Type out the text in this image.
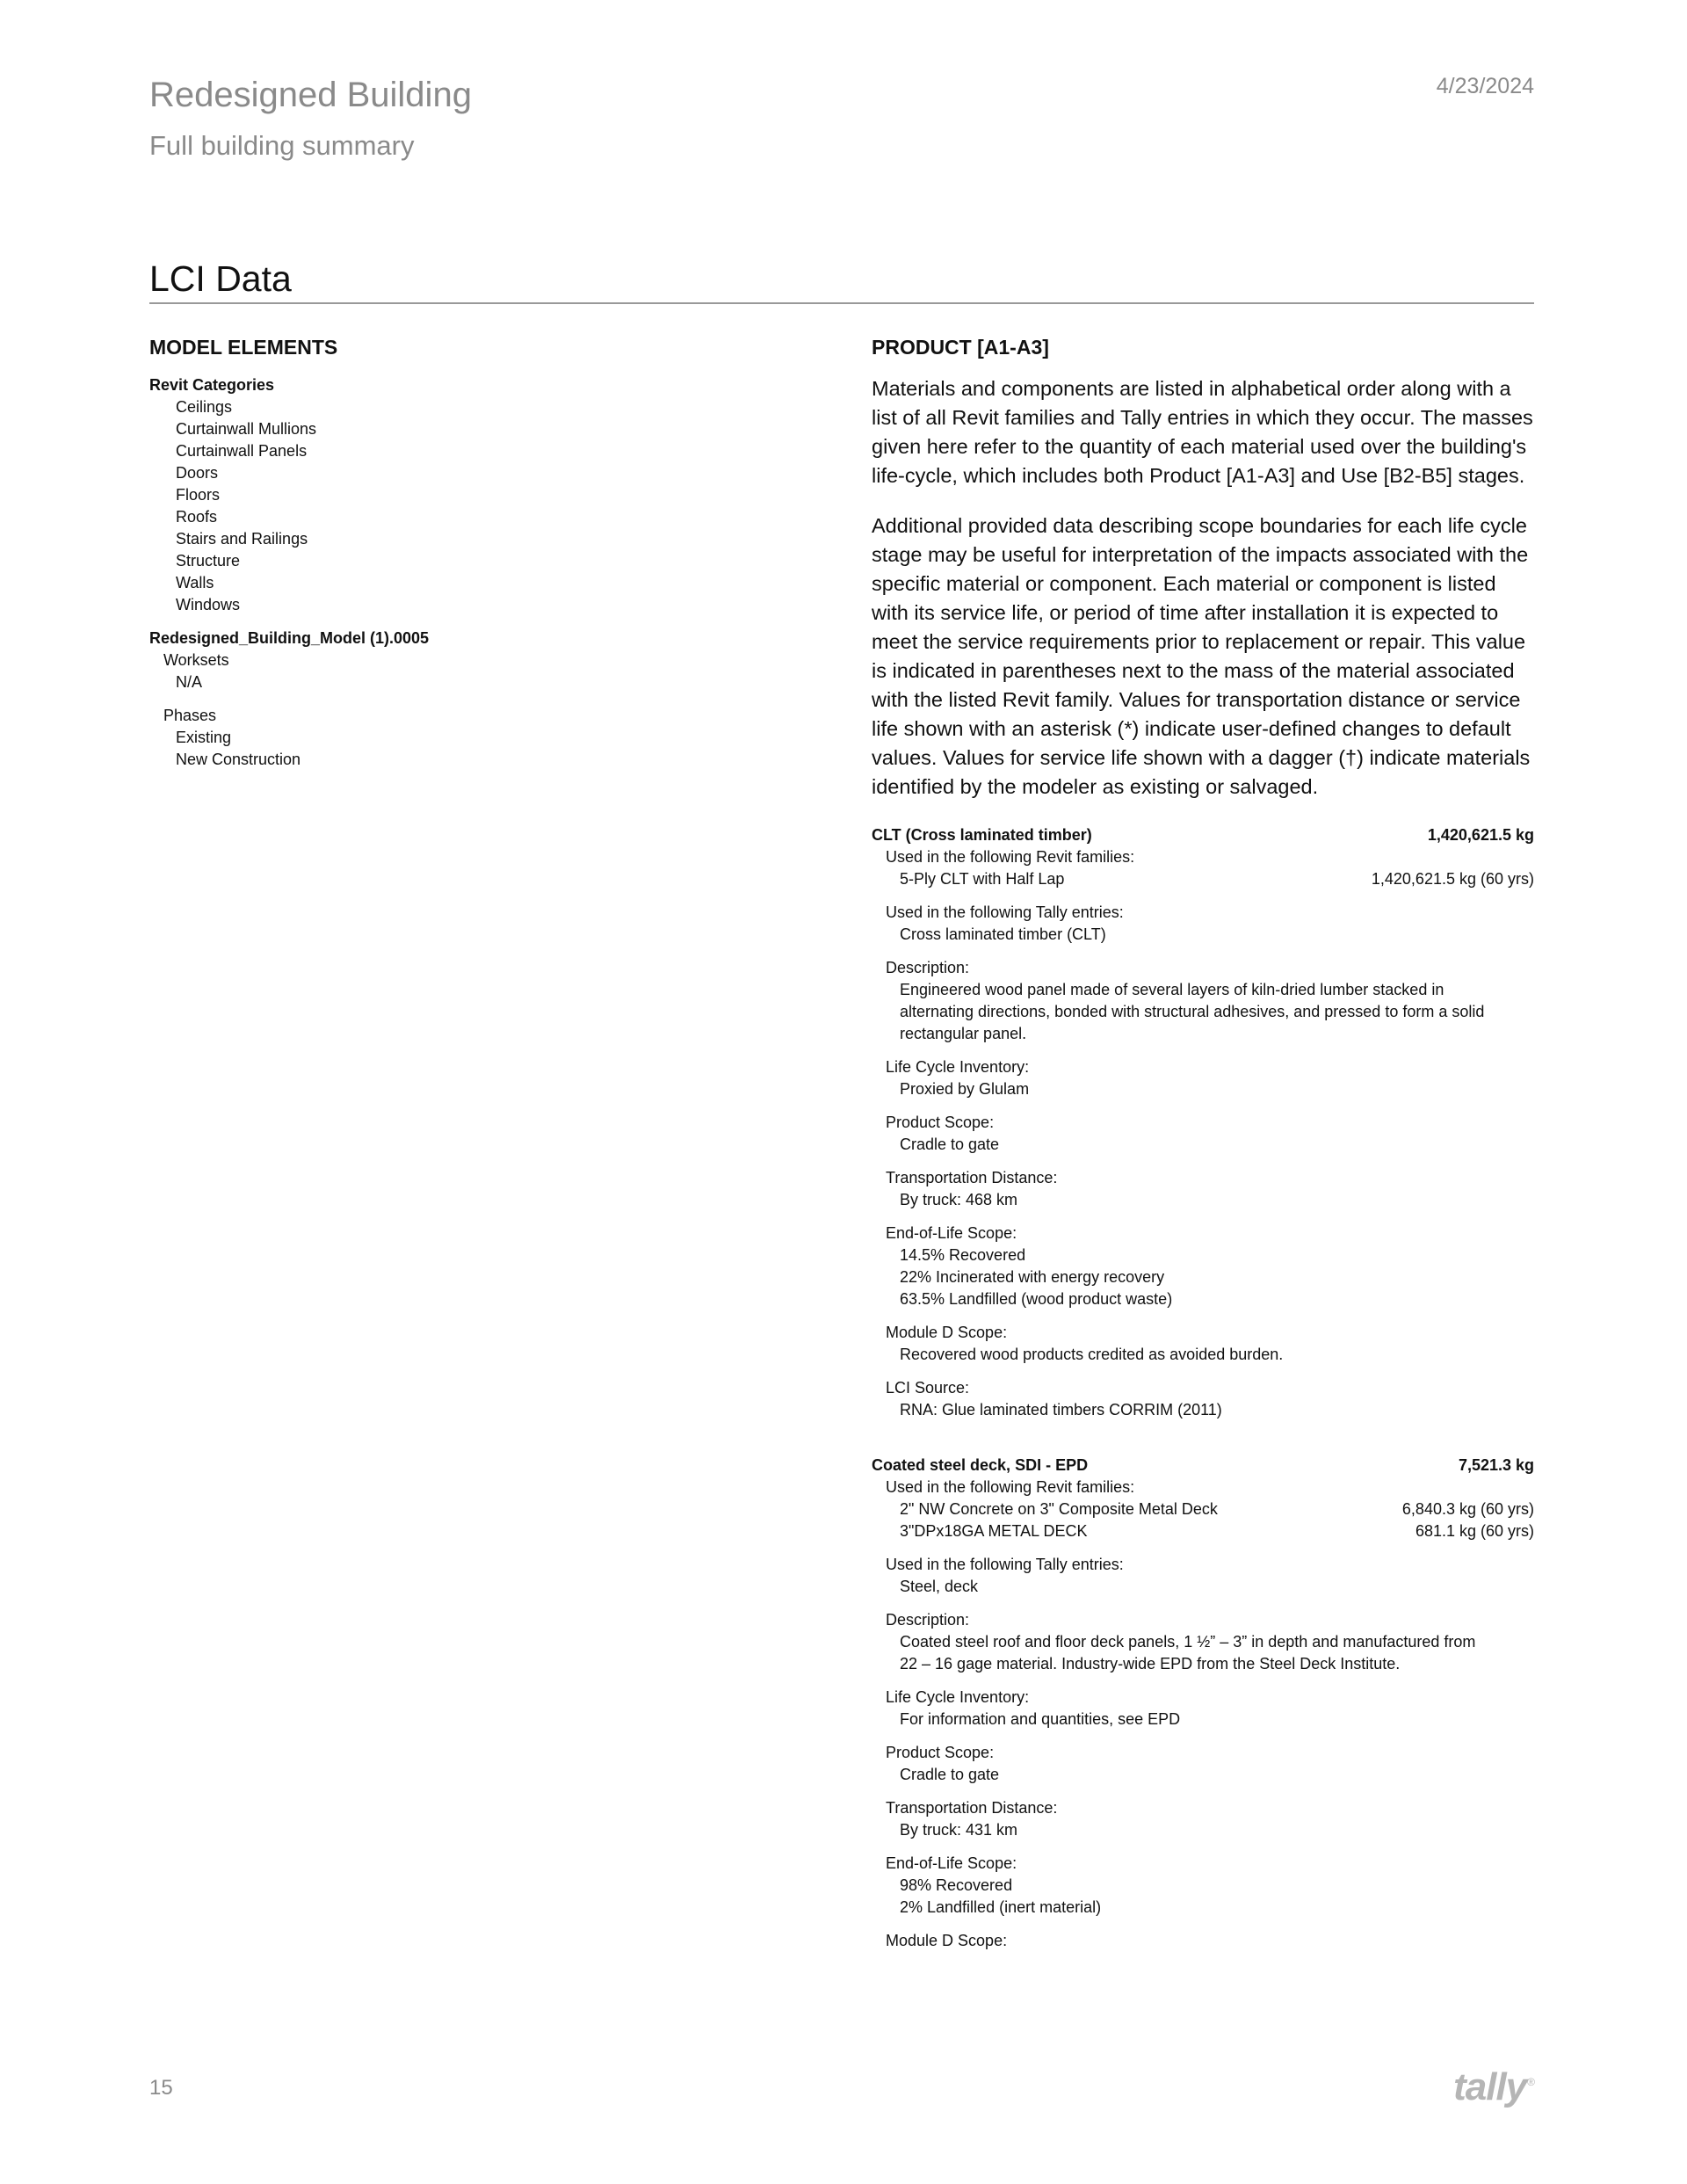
Redesigned Building
Full building summary
4/23/2024
LCI Data
MODEL ELEMENTS
Revit Categories
Ceilings
Curtainwall Mullions
Curtainwall Panels
Doors
Floors
Roofs
Stairs and Railings
Structure
Walls
Windows
Redesigned_Building_Model (1).0005
Worksets
N/A
Phases
Existing
New Construction
PRODUCT [A1-A3]

Materials and components are listed in alphabetical order along with a list of all Revit families and Tally entries in which they occur. The masses given here refer to the quantity of each material used over the building's life-cycle, which includes both Product [A1-A3] and Use [B2-B5] stages.

Additional provided data describing scope boundaries for each life cycle stage may be useful for interpretation of the impacts associated with the specific material or component. Each material or component is listed with its service life, or period of time after installation it is expected to meet the service requirements prior to replacement or repair. This value is indicated in parentheses next to the mass of the material associated with the listed Revit family. Values for transportation distance or service life shown with an asterisk (*) indicate user-defined changes to default values. Values for service life shown with a dagger (†) indicate materials identified by the modeler as existing or salvaged.

CLT (Cross laminated timber)	1,420,621.5 kg
Used in the following Revit families:
5-Ply CLT with Half Lap	1,420,621.5 kg (60 yrs)
Used in the following Tally entries:
Cross laminated timber (CLT)
Description:
Engineered wood panel made of several layers of kiln-dried lumber stacked in
alternating directions, bonded with structural adhesives, and pressed to form a solid
rectangular panel.
Life Cycle Inventory:
Proxied by Glulam
Product Scope:
Cradle to gate
Transportation Distance:
By truck: 468 km
End-of-Life Scope:
14.5% Recovered
22% Incinerated with energy recovery
63.5% Landfilled (wood product waste)
Module D Scope:
Recovered wood products credited as avoided burden.
LCI Source:
RNA: Glue laminated timbers CORRIM (2011)
Coated steel deck, SDI - EPD	7,521.3 kg
Used in the following Revit families:
2" NW Concrete on 3" Composite Metal Deck	6,840.3 kg (60 yrs)
3"DPx18GA METAL DECK	681.1 kg (60 yrs)
Used in the following Tally entries:
Steel, deck
Description:
Coated steel roof and floor deck panels, 1 ½” – 3” in depth and manufactured from
22 – 16 gage material. Industry-wide EPD from the Steel Deck Institute.
Life Cycle Inventory:
For information and quantities, see EPD
Product Scope:
Cradle to gate
Transportation Distance:
By truck: 431 km
End-of-Life Scope:
98% Recovered
2% Landfilled (inert material)
Module D Scope:
15	tally®
